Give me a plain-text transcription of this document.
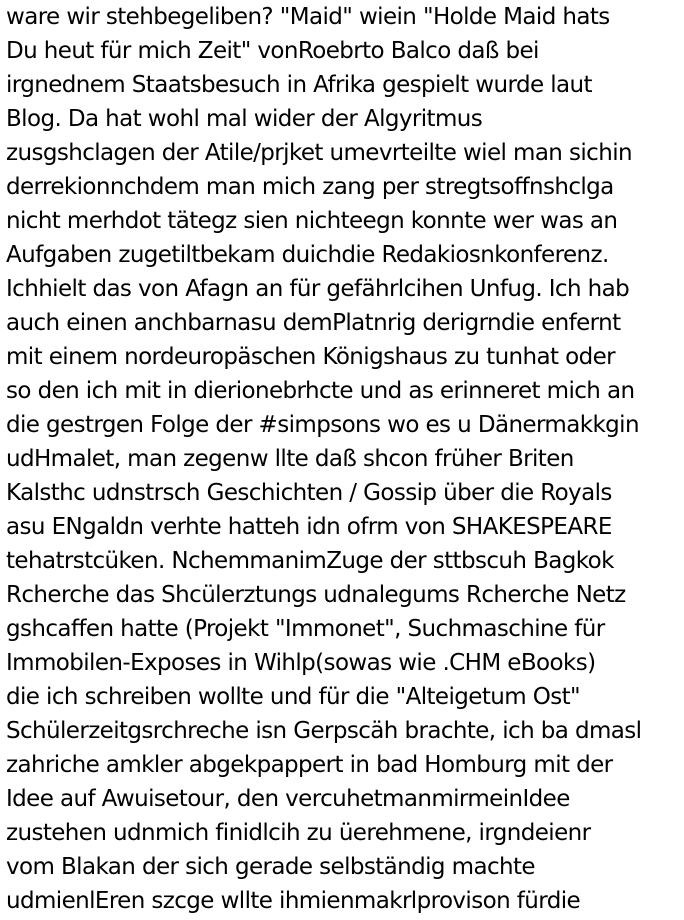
ware wir stehbegeliben? "Maid" wiein "Holde Maid hats

Du heut für mich Zeit" vonRoebrto Balco daß bei

irgnednem Staatsbesuch in Afrika gespielt wurde laut

Blog. Da hat wohl mal wider der Algyritmus

zusgshclagen der Atile/prjket umevrteilte wiel man sichin

derrekionnchdem man mich zang per stregtsoffnshclga

nicht merhdot tätegz sien nichteegn konnte wer was an

Aufgaben zugetiltbekam duichdie Redakiosnkonferenz.

Ichhielt das von Afagn an für gefährlcihen Unfug. Ich hab

auch einen anchbarnasu demPlatnrig derigrndie enfernt

mit einem nordeuropäschen Königshaus zu tunhat oder

so den ich mit in dierionebrhcte und as erinneret mich an

die gestrgen Folge der #simpsons wo es u Dänermakkgin

udHmalet, man zegenw llte daß shcon früher Briten

Kalsthc udnstrsch Geschichten / Gossip über die Royals

asu ENgaldn verhte hatteh idn ofrm von SHAKESPEARE

tehatrstcüken. NchemmanimZuge der sttbscuh Bagkok

Rcherche das Shcülerztungs udnalegums Rcherche Netz

gshcaffen hatte (Projekt "Immonet", Suchmaschine für

Immobilen-Exposes in Wihlp(sowas wie .CHM eBooks)

die ich schreiben wollte und für die "Alteigetum Ost"

Schülerzeitgsrchreche isn Gerpscäh brachte, ich ba dmasl

zahriche amkler abgekpappert in bad Homburg mit der

Idee auf Awuisetour, den vercuhetmanmirmeinIdee

zustehen udnmich finidlcih zu üerehmene, irgndeienr

vom Blakan der sich gerade selbständig machte

udmienlEren szcge wllte ihmienmakrlprovison fürdie
